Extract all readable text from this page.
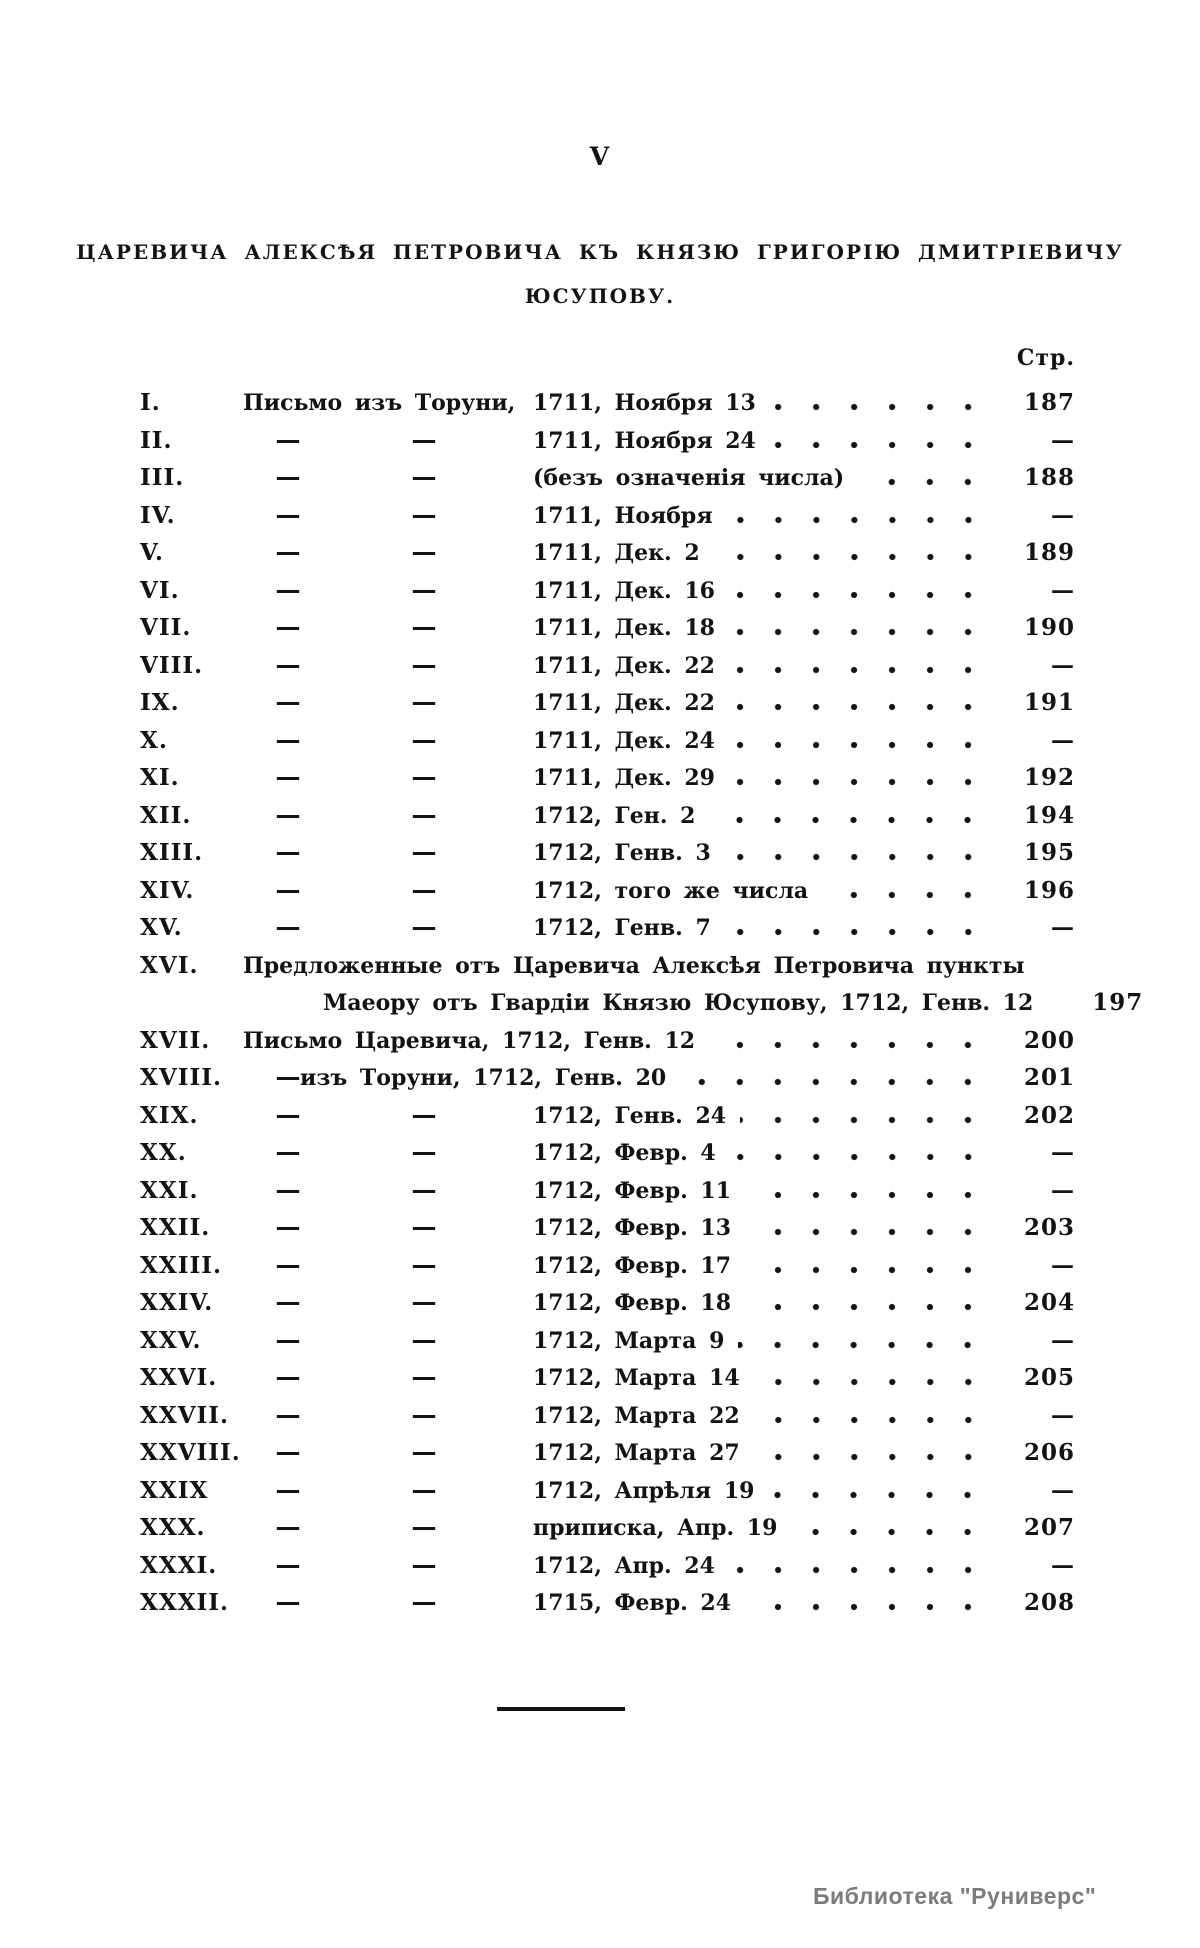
V
ЦАРЕВИЧА АЛЕКСѢЯ ПЕТРОВИЧА КЪ КНЯЗЮ ГРИГОРІЮ ДМИТРІЕВИЧУ
ЮСУПОВУ.
Стр.
I.	Письмо изъ Торуни, 1711, Ноября 13	187
II.	—	—	1711, Ноября 24	—
III.	—	—	(безъ означенія числа)	188
IV.	—	—	1711, Ноября	—
V.	—	—	1711, Дек. 2	189
VI.	—	—	1711, Дек. 16	—
VII.	—	—	1711, Дек. 18	190
VIII.	—	—	1711, Дек. 22	—
IX.	—	—	1711, Дек. 22	191
X.	—	—	1711, Дек. 24	—
XI.	—	—	1711, Дек. 29	192
XII.	—	—	1712, Ген. 2	194
XIII.	—	—	1712, Генв. 3	195
XIV.	—	—	1712, того же числа	196
XV.	—	—	1712, Генв. 7	—
XVI. Предложенные отъ Царевича Алексѣя Петровича пункты
Маеору отъ Гвардіи Князю Юсупову, 1712, Генв. 12	197
XVII. Письмо Царевича, 1712, Генв. 12	200
XVIII.	— изъ Торуни, 1712, Генв. 20	201
XIX.	—	—	1712, Генв. 24	202
XX.	—	—	1712, Февр. 4	—
XXI.	—	—	1712, Февр. 11	—
XXII.	—	—	1712, Февр. 13	203
XXIII.	—	—	1712, Февр. 17	—
XXIV.	—	—	1712, Февр. 18	204
XXV.	—	—	1712, Марта 9	—
XXVI.	—	—	1712, Марта 14	205
XXVII.	—	—	1712, Марта 22	—
XXVIII.	—	—	1712, Марта 27	206
XXIX	—	—	1712, Апрѣля 19	—
XXX.	—	—	приписка, Апр. 19	207
XXXI.	—	—	1712, Апр. 24	—
XXXII.	—	—	1715, Февр. 24	208
Библиотека "Руниверс"
